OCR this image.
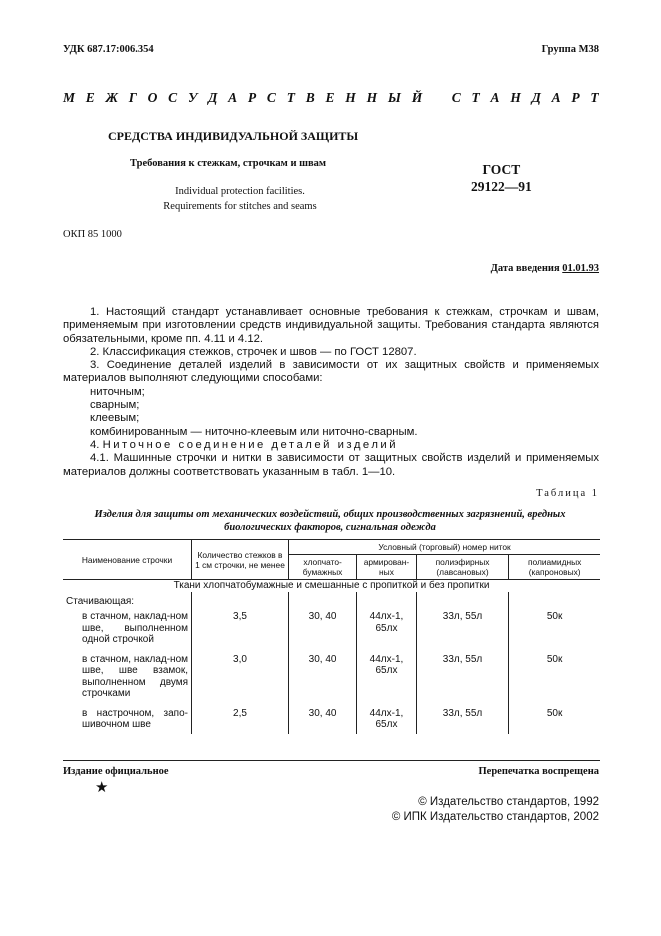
УДК 687.17:006.354	Группа М38
М Е Ж Г О С У Д А Р С Т В Е Н Н Ы Й С Т А Н Д А Р Т
СРЕДСТВА ИНДИВИДУАЛЬНОЙ ЗАЩИТЫ
Требования к стежкам, строчкам и швам
Individual protection facilities.
Requirements for stitches and seams
ГОСТ
29122—91
ОКП 85 1000
Дата введения 01.01.93

1. Настоящий стандарт устанавливает основные требования к стежкам, строчкам и швам, применяемым при изготовлении средств индивидуальной защиты. Требования стандарта являются обязательными, кроме пп. 4.11 и 4.12.

2. Классификация стежков, строчек и швов — по ГОСТ 12807.

3. Соединение деталей изделий в зависимости от их защитных свойств и применяемых материалов выполняют следующими способами:

ниточным;

сварным;

клеевым;

комбинированным — ниточно-клеевым или ниточно-сварным.

4. Ниточное соединение деталей изделий

4.1. Машинные строчки и нитки в зависимости от защитных свойств изделий и применяемых материалов должны соответствовать указанным в табл. 1—10.

Таблица 1
Изделия для защиты от механических воздействий, общих производственных загрязнений, вредных биологических факторов, сигнальная одежда
Наименование строчки	Количество стежков в 1 см строчки, не менее	Условный (торговый) номер ниток			
		хлопчато-бумажных	армирован-ных	полиэфирных (лавсановых)	полиамидных (капроновых)
Ткани хлопчатобумажные и смешанные с пропиткой и без пропитки					
Стачивающая:					
в стачном, наклад-ном шве, выполненном одной строчкой	3,5	30, 40	44лх-1, 65лх	33л, 55л	50к
в стачном, наклад-ном шве, шве взамок, выполненном двумя строчками	3,0	30, 40	44лх-1, 65лх	33л, 55л	50к
в настрочном, запо-шивочном шве	2,5	30, 40	44лх-1, 65лх	33л, 55л	50к
Издание официальное	Перепечатка воспрещена
★
© Издательство стандартов, 1992
© ИПК Издательство стандартов, 2002
